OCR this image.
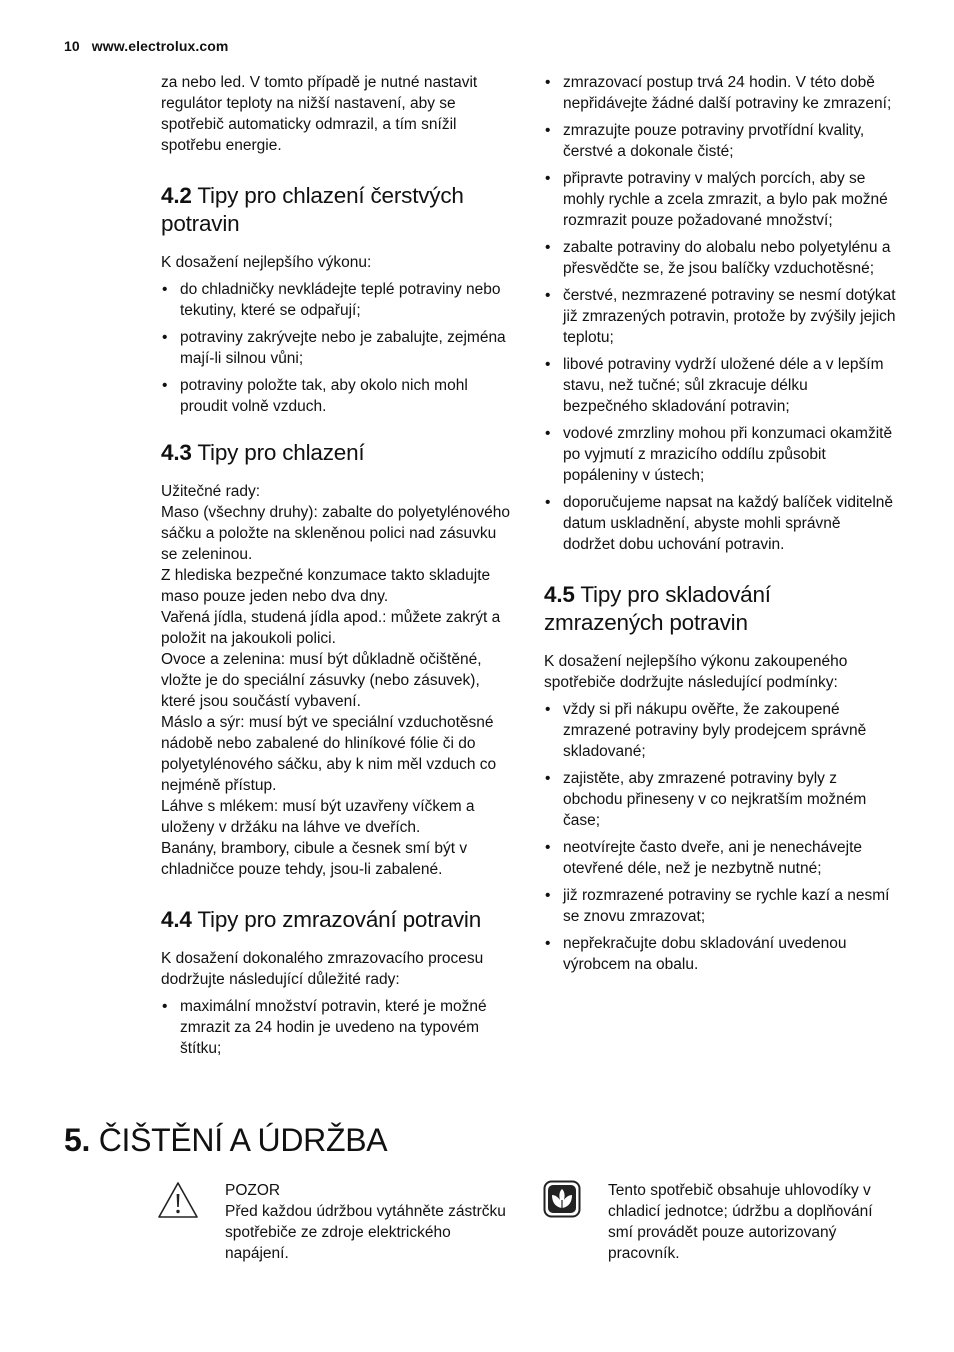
10 www.electrolux.com

za nebo led. V tomto případě je nutné nastavit regulátor teploty na nižší nastavení, aby se spotřebič automaticky odmrazil, a tím snížil spotřebu energie.

4.2 Tipy pro chlazení čerstvých potravin

K dosažení nejlepšího výkonu:

• do chladničky nevkládejte teplé potraviny nebo tekutiny, které se odpařují;
• potraviny zakrývejte nebo je zabalujte, zejména mají-li silnou vůni;
• potraviny položte tak, aby okolo nich mohl proudit volně vzduch.
4.3 Tipy pro chlazení

Užitečné rady:

Maso (všechny druhy): zabalte do polyetylénového sáčku a položte na skleněnou polici nad zásuvku se zeleninou.

Z hlediska bezpečné konzumace takto skladujte maso pouze jeden nebo dva dny.

Vařená jídla, studená jídla apod.: můžete zakrýt a položit na jakoukoli polici.

Ovoce a zelenina: musí být důkladně očištěné, vložte je do speciální zásuvky (nebo zásuvek), které jsou součástí vybavení.

Máslo a sýr: musí být ve speciální vzduchotěsné nádobě nebo zabalené do hliníkové fólie či do polyetylénového sáčku, aby k nim měl vzduch co nejméně přístup.

Láhve s mlékem: musí být uzavřeny víčkem a uloženy v držáku na láhve ve dveřích.

Banány, brambory, cibule a česnek smí být v chladničce pouze tehdy, jsou-li zabalené.

4.4 Tipy pro zmrazování potravin

K dosažení dokonalého zmrazovacího procesu dodržujte následující důležité rady:

• maximální množství potravin, které je možné zmrazit za 24 hodin je uvedeno na typovém štítku;
• zmrazovací postup trvá 24 hodin. V této době nepřidávejte žádné další potraviny ke zmrazení;
• zmrazujte pouze potraviny prvotřídní kvality, čerstvé a dokonale čisté;
• připravte potraviny v malých porcích, aby se mohly rychle a zcela zmrazit, a bylo pak možné rozmrazit pouze požadované množství;
• zabalte potraviny do alobalu nebo polyetylénu a přesvědčte se, že jsou balíčky vzduchotěsné;
• čerstvé, nezmrazené potraviny se nesmí dotýkat již zmrazených potravin, protože by zvýšily jejich teplotu;
• libové potraviny vydrží uložené déle a v lepším stavu, než tučné; sůl zkracuje délku bezpečného skladování potravin;
• vodové zmrzliny mohou při konzumaci okamžitě po vyjmutí z mrazicího oddílu způsobit popáleniny v ústech;
• doporučujeme napsat na každý balíček viditelně datum uskladnění, abyste mohli správně dodržet dobu uchování potravin.
4.5 Tipy pro skladování zmrazených potravin

K dosažení nejlepšího výkonu zakoupeného spotřebiče dodržujte následující podmínky:

• vždy si při nákupu ověřte, že zakoupené zmrazené potraviny byly prodejcem správně skladované;
• zajistěte, aby zmrazené potraviny byly z obchodu přineseny v co nejkratším možném čase;
• neotvírejte často dveře, ani je nenechávejte otevřené déle, než je nezbytně nutné;
• již rozmrazené potraviny se rychle kazí a nesmí se znovu zmrazovat;
• nepřekračujte dobu skladování uvedenou výrobcem na obalu.
5. ČIŠTĚNÍ A ÚDRŽBA
POZOR
Před každou údržbou vytáhněte zástrčku spotřebiče ze zdroje elektrického napájení.
Tento spotřebič obsahuje uhlovodíky v chladicí jednotce; údržbu a doplňování smí provádět pouze autorizovaný pracovník.
